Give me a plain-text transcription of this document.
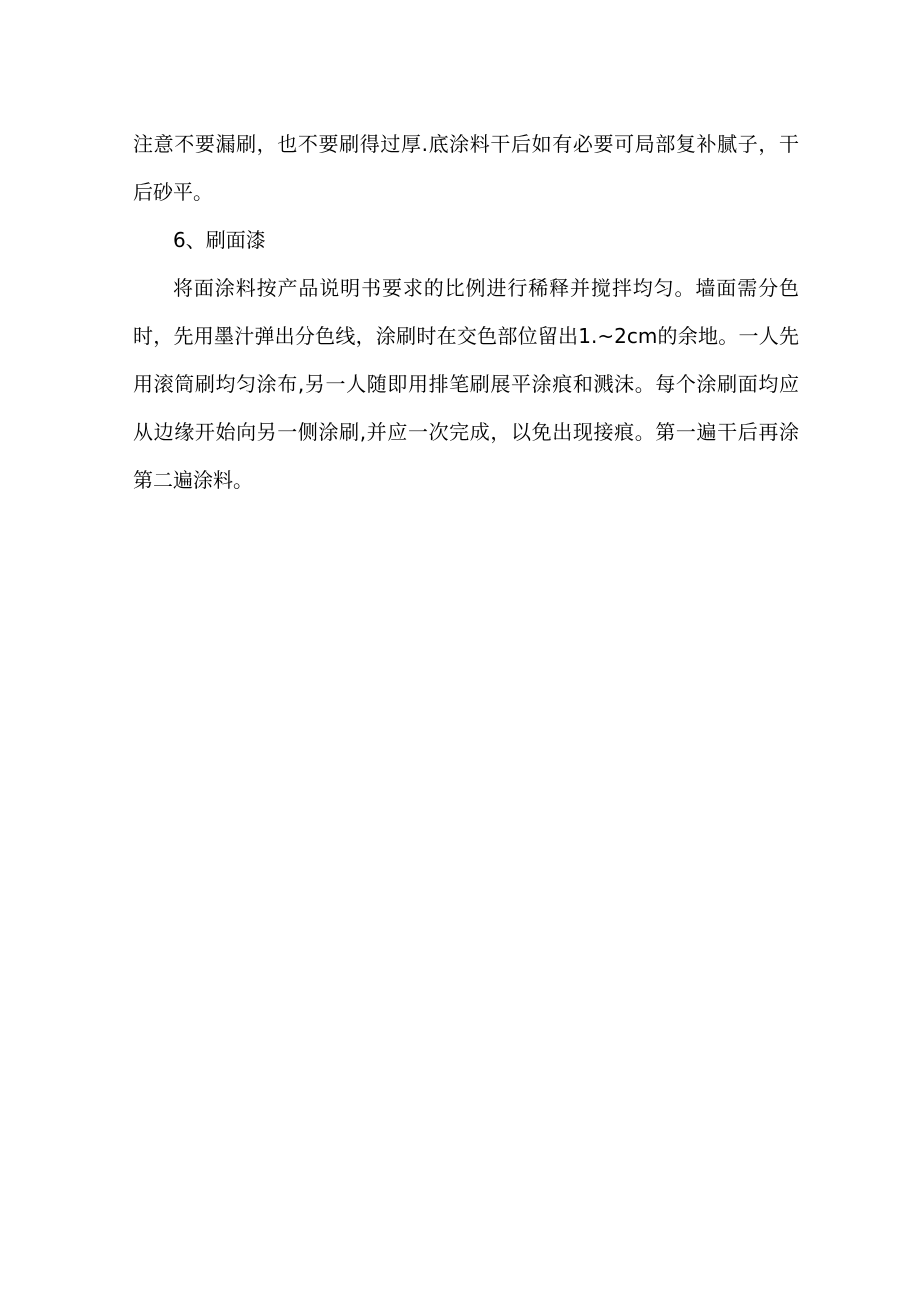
注意不要漏刷，也不要刷得过厚.底涂料干后如有必要可局部复补腻子，干后砂平。

6、刷面漆

将面涂料按产品说明书要求的比例进行稀释并搅拌均匀。墙面需分色时，先用墨汁弹出分色线，涂刷时在交色部位留出1.~2cm的余地。一人先用滚筒刷均匀涂布,另一人随即用排笔刷展平涂痕和溅沫。每个涂刷面均应从边缘开始向另一侧涂刷,并应一次完成，以免出现接痕。第一遍干后再涂第二遍涂料。
